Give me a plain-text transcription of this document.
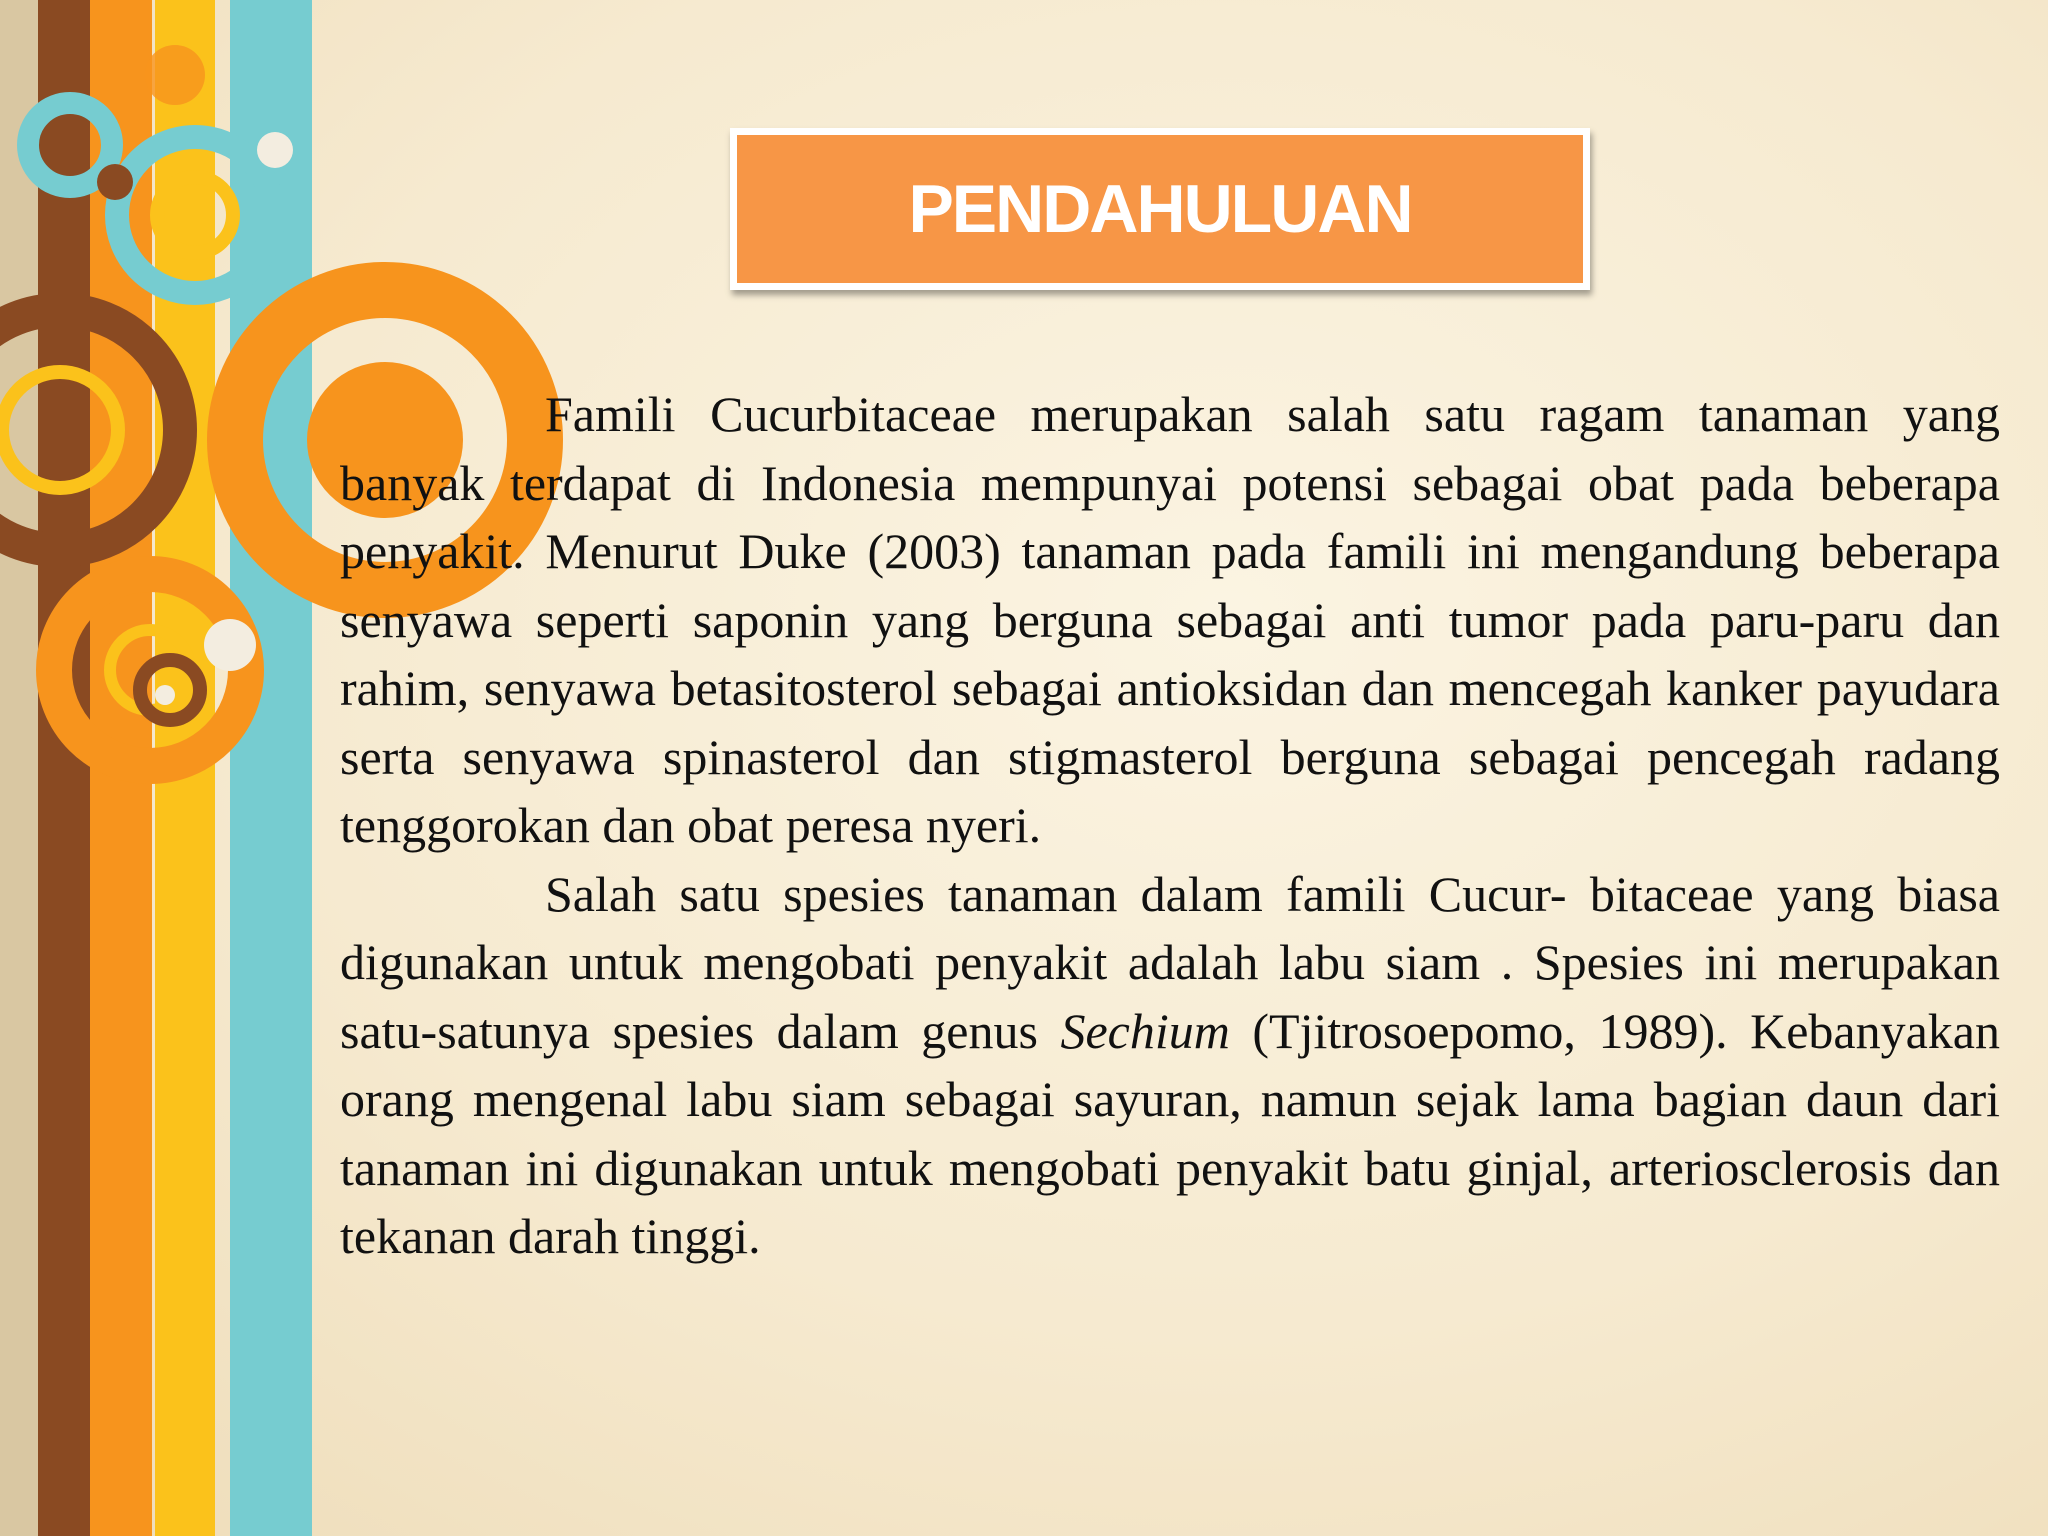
PENDAHULUAN

Famili Cucurbitaceae merupakan salah satu ragam tanaman yang banyak terdapat di Indonesia mempunyai potensi sebagai obat pada beberapa penyakit. Menurut Duke (2003) tanaman pada famili ini mengandung beberapa senyawa seperti saponin yang berguna sebagai anti tumor pada paru-paru dan rahim, senyawa betasitosterol sebagai antioksidan dan mencegah kanker payudara serta senyawa spinasterol dan stigmasterol berguna sebagai pencegah radang tenggorokan dan obat peresa nyeri.

Salah satu spesies tanaman dalam famili Cucur- bitaceae yang biasa digunakan untuk mengobati penyakit adalah labu siam . Spesies ini merupakan satu-satunya spesies dalam genus Sechium (Tjitrosoepomo, 1989). Kebanyakan orang mengenal labu siam sebagai sayuran, namun sejak lama bagian daun dari tanaman ini digunakan untuk mengobati penyakit batu ginjal, arteriosclerosis dan tekanan darah tinggi.
